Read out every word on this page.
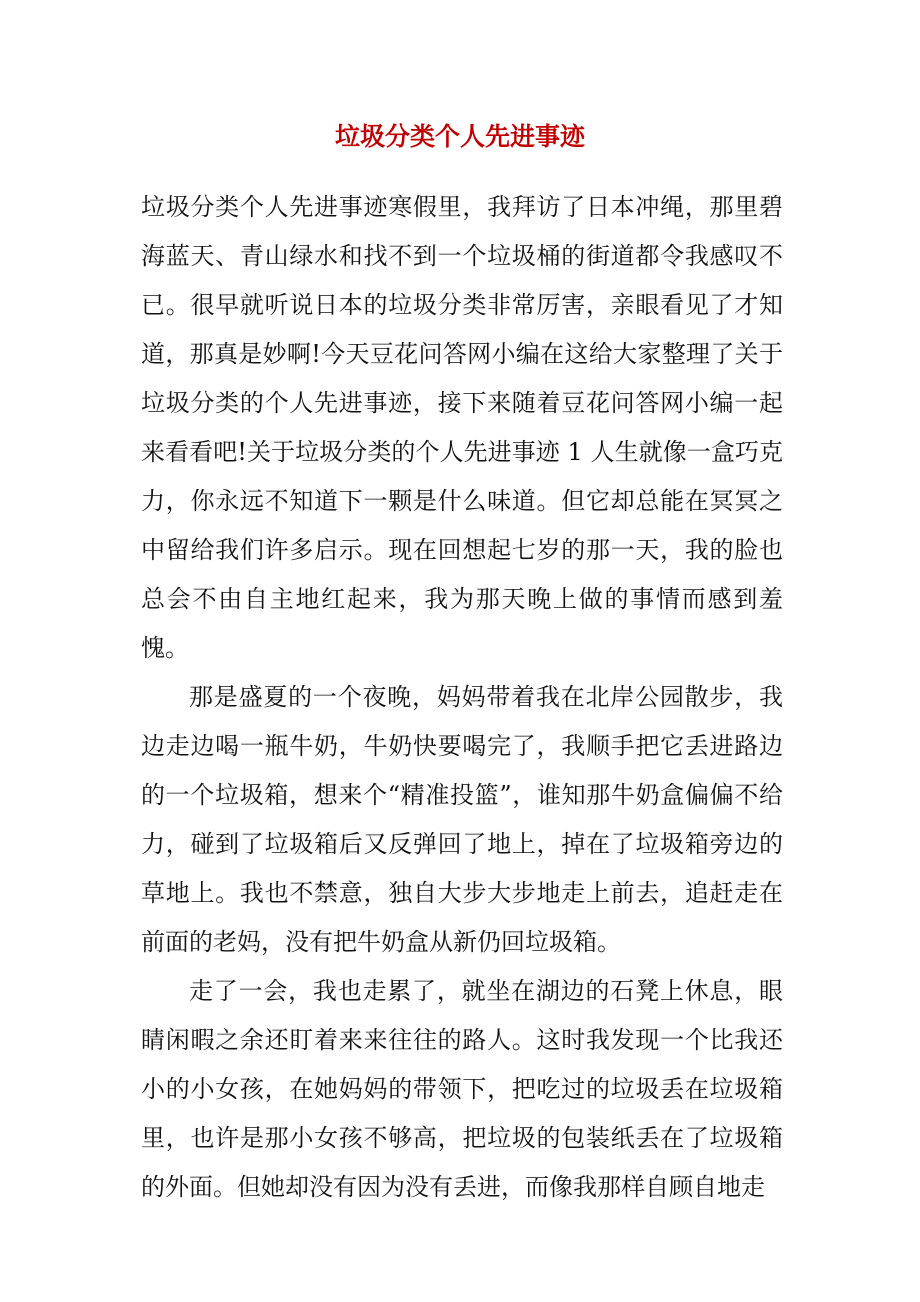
垃圾分类个人先进事迹

垃圾分类个人先进事迹寒假里，我拜访了日本冲绳，那里碧海蓝天、青山绿水和找不到一个垃圾桶的街道都令我感叹不已。很早就听说日本的垃圾分类非常厉害，亲眼看见了才知道，那真是妙啊!今天豆花问答网小编在这给大家整理了关于垃圾分类的个人先进事迹，接下来随着豆花问答网小编一起来看看吧!关于垃圾分类的个人先进事迹 1 人生就像一盒巧克力，你永远不知道下一颗是什么味道。但它却总能在冥冥之中留给我们许多启示。现在回想起七岁的那一天，我的脸也总会不由自主地红起来，我为那天晚上做的事情而感到羞愧。

那是盛夏的一个夜晚，妈妈带着我在北岸公园散步，我边走边喝一瓶牛奶，牛奶快要喝完了，我顺手把它丢进路边的一个垃圾箱，想来个“精准投篮”，谁知那牛奶盒偏偏不给力，碰到了垃圾箱后又反弹回了地上，掉在了垃圾箱旁边的草地上。我也不禁意，独自大步大步地走上前去，追赶走在前面的老妈，没有把牛奶盒从新仍回垃圾箱。

走了一会，我也走累了，就坐在湖边的石凳上休息，眼睛闲暇之余还盯着来来往往的路人。这时我发现一个比我还小的小女孩，在她妈妈的带领下，把吃过的垃圾丢在垃圾箱里，也许是那小女孩不够高，把垃圾的包装纸丢在了垃圾箱的外面。但她却没有因为没有丢进，而像我那样自顾自地走
